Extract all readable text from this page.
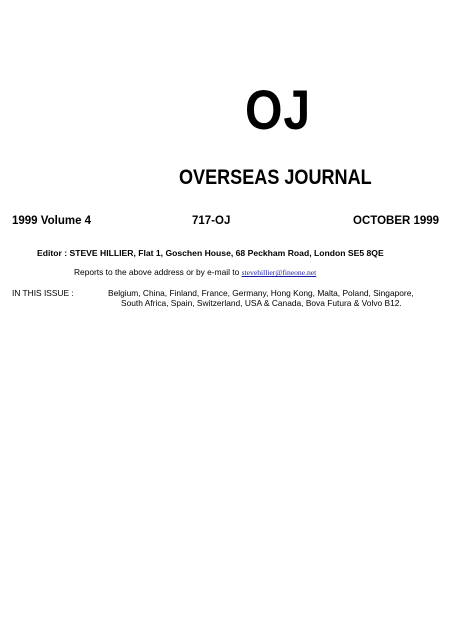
OJ
OVERSEAS JOURNAL
1999 Volume 4	717-OJ	OCTOBER 1999
Editor : STEVE HILLIER, Flat 1, Goschen House, 68 Peckham Road, London SE5 8QE
Reports to the above address or by e-mail to stevehillier@fineone.net
IN THIS ISSUE :	Belgium, China, Finland, France, Germany, Hong Kong, Malta, Poland, Singapore,
South Africa, Spain, Switzerland, USA & Canada, Bova Futura & Volvo B12.
